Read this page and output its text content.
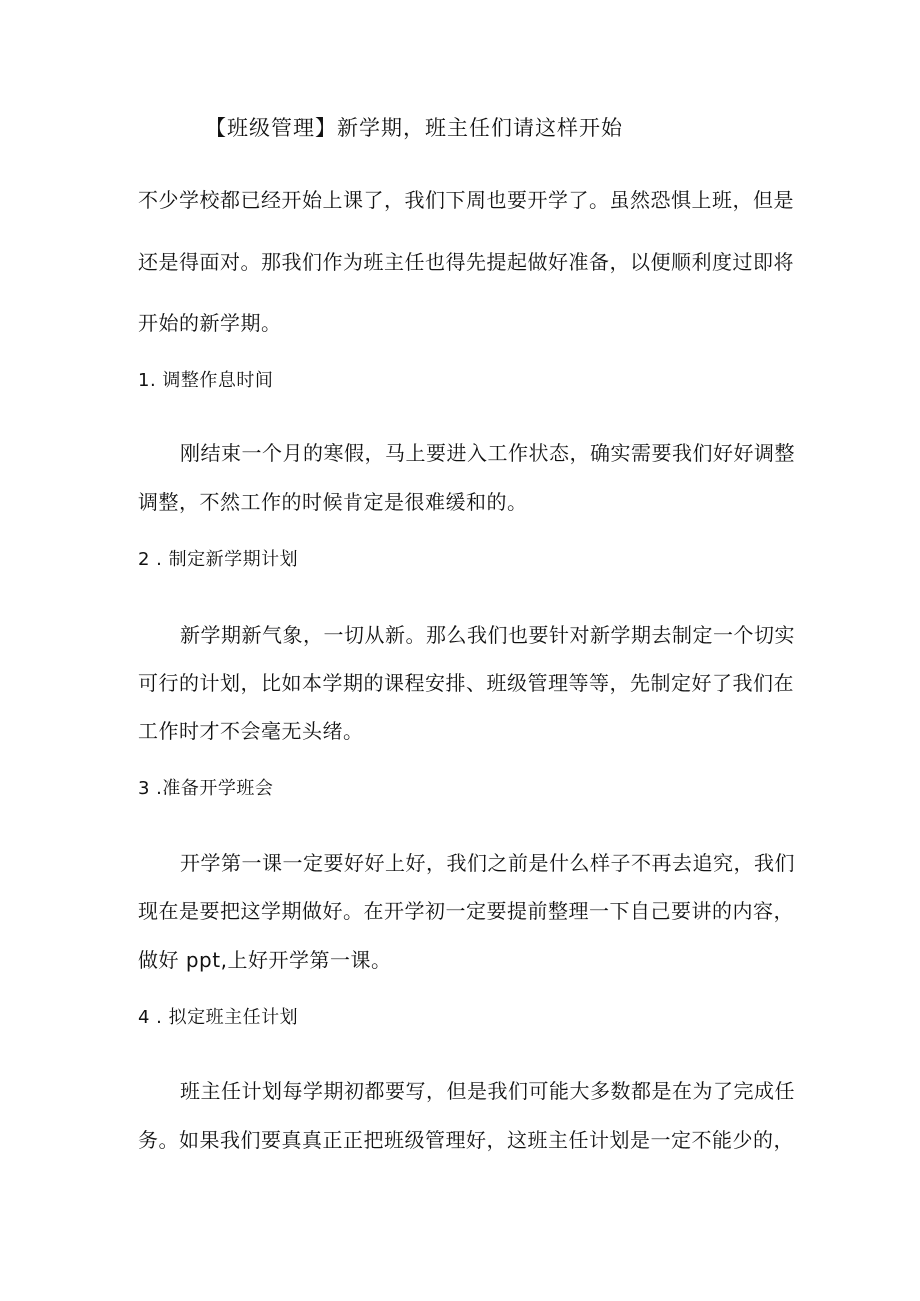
【班级管理】新学期，班主任们请这样开始
不少学校都已经开始上课了，我们下周也要开学了。虽然恐惧上班，但是
还是得面对。那我们作为班主任也得先提起做好准备，以便顺利度过即将
开始的新学期。
1. 调整作息时间
刚结束一个月的寒假，马上要进入工作状态，确实需要我们好好调整
调整，不然工作的时候肯定是很难缓和的。
2 . 制定新学期计划
新学期新气象，一切从新。那么我们也要针对新学期去制定一个切实
可行的计划，比如本学期的课程安排、班级管理等等，先制定好了我们在
工作时才不会毫无头绪。
3 .准备开学班会
开学第一课一定要好好上好，我们之前是什么样子不再去追究，我们
现在是要把这学期做好。在开学初一定要提前整理一下自己要讲的内容，
做好 ppt,上好开学第一课。
4 . 拟定班主任计划
班主任计划每学期初都要写，但是我们可能大多数都是在为了完成任
务。如果我们要真真正正把班级管理好，这班主任计划是一定不能少的，
